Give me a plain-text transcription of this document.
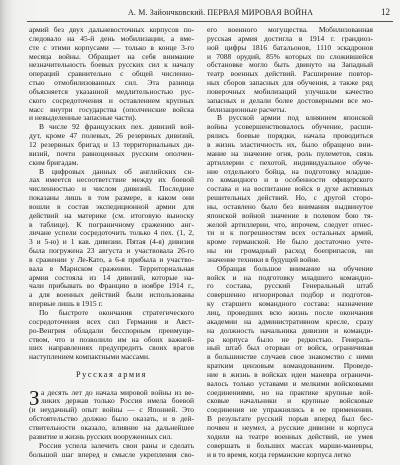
А. М. Зайончковский. ПЕРВАЯ МИРОВАЯ ВОЙНА	12
армий без двух дальневосточных корпусов по-
следовало на 45-й день мобилизации, а вме-
сте с этими корпусами — только в конце 3-го
месяца войны. Обращает на себя внимание
незначительность боевых русских сил к началу
операций сравнительно с общей численно-
стью отмобилизованных сил. Эта разница
объясняется указанной медлительностью рус-
ского сосредоточения и оставлением крупных
масс внутри государства (ополченские войска
и невыделенные запасные части).
В числе 92 французских пех. дивизий вой-
дут, кроме 47 полевых, 26 резервных дивизий,
12 резервных бригад и 13 территориальных ди-
визий, почти равноценных русским ополчен-
ским бригадам.
В цифровых данных об английских си-
лах имеется несоответствие между их боевой
численностью и числом дивизий. Последние
показаны лишь в том размере, в каком они
вошли в состав экспедиционной армии для
действий на материке (см. итоговую выноску
в таблице). К пограничному сражению анг-
личане успели сосредоточить только 4 пех. (1, 2,
3 и 5-ю) и 1 кав. дивизии. Пятая (4-я) дивизия
была погружена 23 августа и участвовала 26-го
в сражении у Ле-Като, а 6-я прибыла и участво-
вала в Марнском сражении. Территориальная
армия состояла из 14 дивизий, которые на-
чали прибывать во Францию в ноябре 1914 г.,
а для военных действий были использованы
впервые лишь в 1915 г.
По быстроте окончания стратегического
сосредоточения всех сил Германия и Авст-
ро-Венгрия обладали бесспорным преимуще-
ством, что и позволило им на обоих важней-
ших направлениях предупредить своих врагов
наступлением компактными массами.
Русская армия
З а десять лет до начала мировой войны из ве-
ликих держав только Россия имела боевой
(и неудачный) опыт войны — с Японией. Это
обстоятельство должно было оказать, и в дей-
ствительности оказало, влияние на дальнейшее
развитие и жизнь русских вооруженных сил.
Россия успела залечить свои раны и сделать
большой шаг вперед в смысле укрепления сво-
его военного могущества. Мобилизованная
русская армия достигла в 1914 г. грандиоз-
ной цифры 1816 батальонов, 1110 эскадронов
и 7088 орудий, 85% которых по сложившейся
обстановке могло быть двинуто на Западный
театр военных действий. Расширение повтор-
ных сборов запасных для обучения, а также ряд
поверочных мобилизаций улучшали качество
запасных и делали более достоверными все мо-
билизационные расчеты.
В русской армии под влиянием японской
войны усовершенствовалось обучение, расши-
рялись боевые порядки, начала проводиться
в жизнь эластичность их, было обращено вни-
мание на значение огня, роль пулеметов, связь
артиллерии с пехотой, индивидуальное обуче-
ние отдельного бойца, на подготовку младше-
го командного и в особенности офицерского
состава и на воспитание войск в духе активных
решительных действий. Но, с другой сторо-
ны, оставлено было без внимания выдвинутое
японской войной значение в полевом бою тя-
желой артиллерии, что, впрочем, следует отнес-
ти и к погрешностям всех остальных армий,
кроме германской. Не было достаточно учте-
ны ни громадный расход боеприпасов, ни
значение техники в будущей войне.
Обращая большое внимание на обучение
войск и на подготовку младшего командно-
го состава, русский Генеральный штаб
совершенно игнорировал подбор и подготов-
ку старшего командного состава: назначение
лиц, проведших всю жизнь после окончания
академии на административном кресле, сразу
на должность начальника дивизии и команди-
ра корпуса было не редкостью. Генераль-
ный штаб был оторван от войск, ограничивая
в большинстве случаев свое знакомство с ними
кратким цензовым командованием. Проведе-
ние в жизнь в войсках идеи маневра ограничи-
валось только уставами и мелкими войсковыми
соединениями, но на практике крупные вой-
сковые начальники и крупные войсковые
соединения не упражнялись в ее применении.
В результате русский порыв вперед был бес-
почвен и неумел, а русские дивизии и корпуса
ходили на театре военных действий, не умея
совершать в больших массах марши-маневры,
и в то время, когда германские корпуса легко
